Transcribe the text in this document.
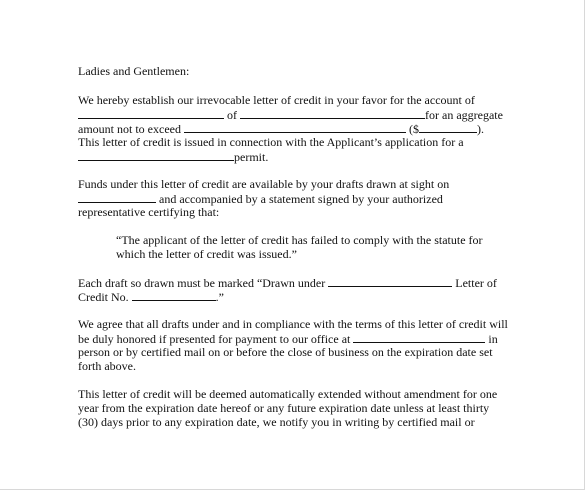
Ladies and Gentlemen:
We hereby establish our irrevocable letter of credit in your favor for the account of
of	for an aggregate
amount not to exceed	($	).
This letter of credit is issued in connection with the Applicant’s application for a
permit.
Funds under this letter of credit are available by your drafts drawn at sight on
and accompanied by a statement signed by your authorized
representative certifying that:
“The applicant of the letter of credit has failed to comply with the statute for
which the letter of credit was issued.”
Each draft so drawn must be marked “Drawn under	Letter of
Credit No.	.”
We agree that all drafts under and in compliance with the terms of this letter of credit will
be duly honored if presented for payment to our office at	in
person or by certified mail on or before the close of business on the expiration date set
forth above.
This letter of credit will be deemed automatically extended without amendment for one
year from the expiration date hereof or any future expiration date unless at least thirty
(30) days prior to any expiration date, we notify you in writing by certified mail or
